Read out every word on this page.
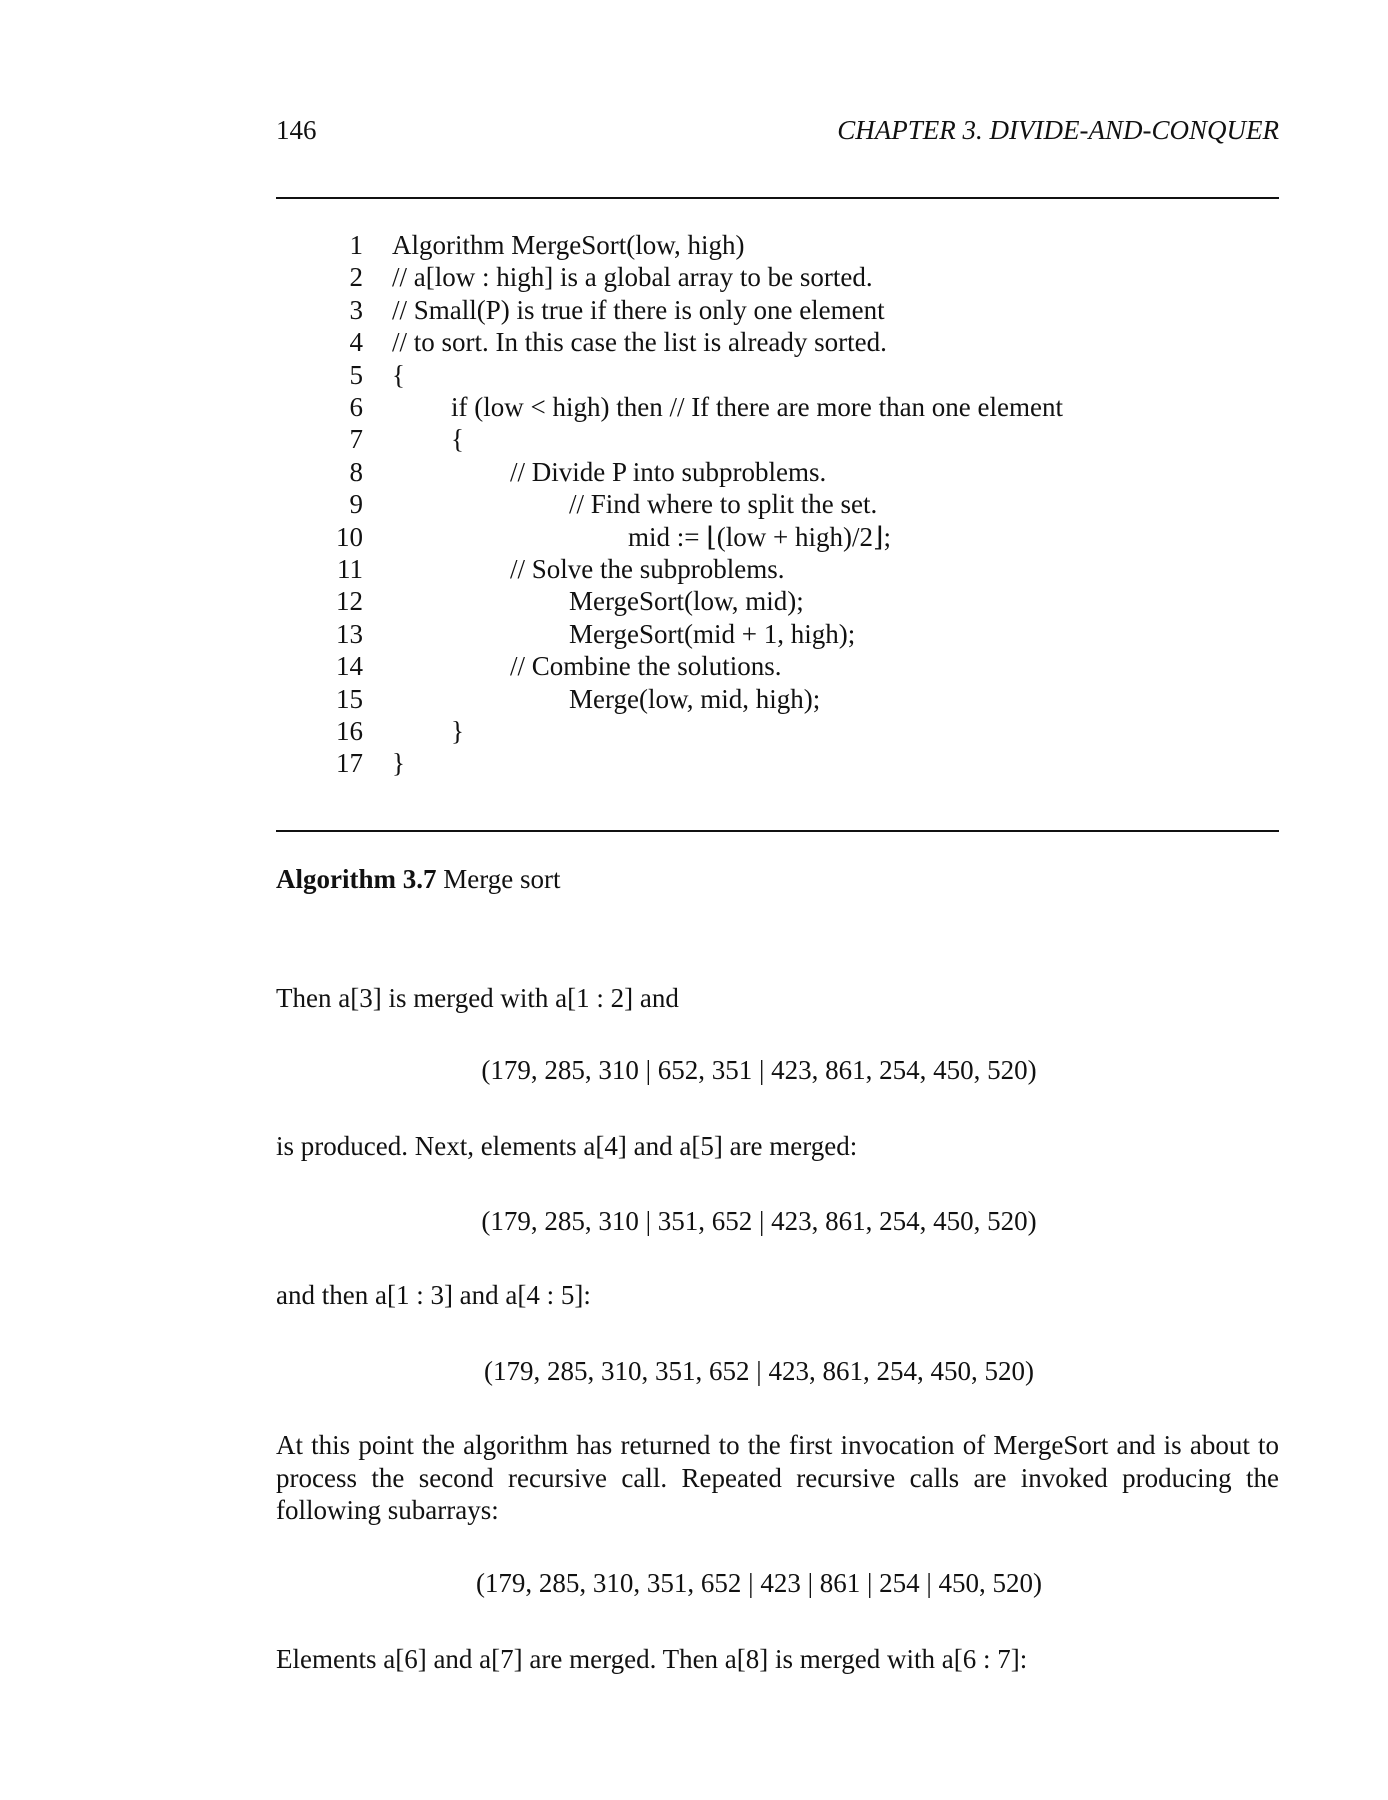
146	CHAPTER 3. DIVIDE-AND-CONQUER
1 Algorithm MergeSort(low, high)
2 // a[low : high] is a global array to be sorted.
3 // Small(P) is true if there is only one element
4 // to sort. In this case the list is already sorted.
5 {
6	if (low < high) then // If there are more than one element
7	{
8	// Divide P into subproblems.
9	// Find where to split the set.
10	mid := ⌊(low + high)/2⌋;
11	// Solve the subproblems.
12	MergeSort(low, mid);
13	MergeSort(mid + 1, high);
14	// Combine the solutions.
15	Merge(low, mid, high);
16	}
17 }
Algorithm 3.7 Merge sort
Then a[3] is merged with a[1 : 2] and
(179, 285, 310 | 652, 351 | 423, 861, 254, 450, 520)
is produced. Next, elements a[4] and a[5] are merged:
(179, 285, 310 | 351, 652 | 423, 861, 254, 450, 520)
and then a[1 : 3] and a[4 : 5]:
(179, 285, 310, 351, 652 | 423, 861, 254, 450, 520)
At this point the algorithm has returned to the first invocation of MergeSort and is about to process the second recursive call. Repeated recursive calls are invoked producing the following subarrays:
(179, 285, 310, 351, 652 | 423 | 861 | 254 | 450, 520)
Elements a[6] and a[7] are merged. Then a[8] is merged with a[6 : 7]:
